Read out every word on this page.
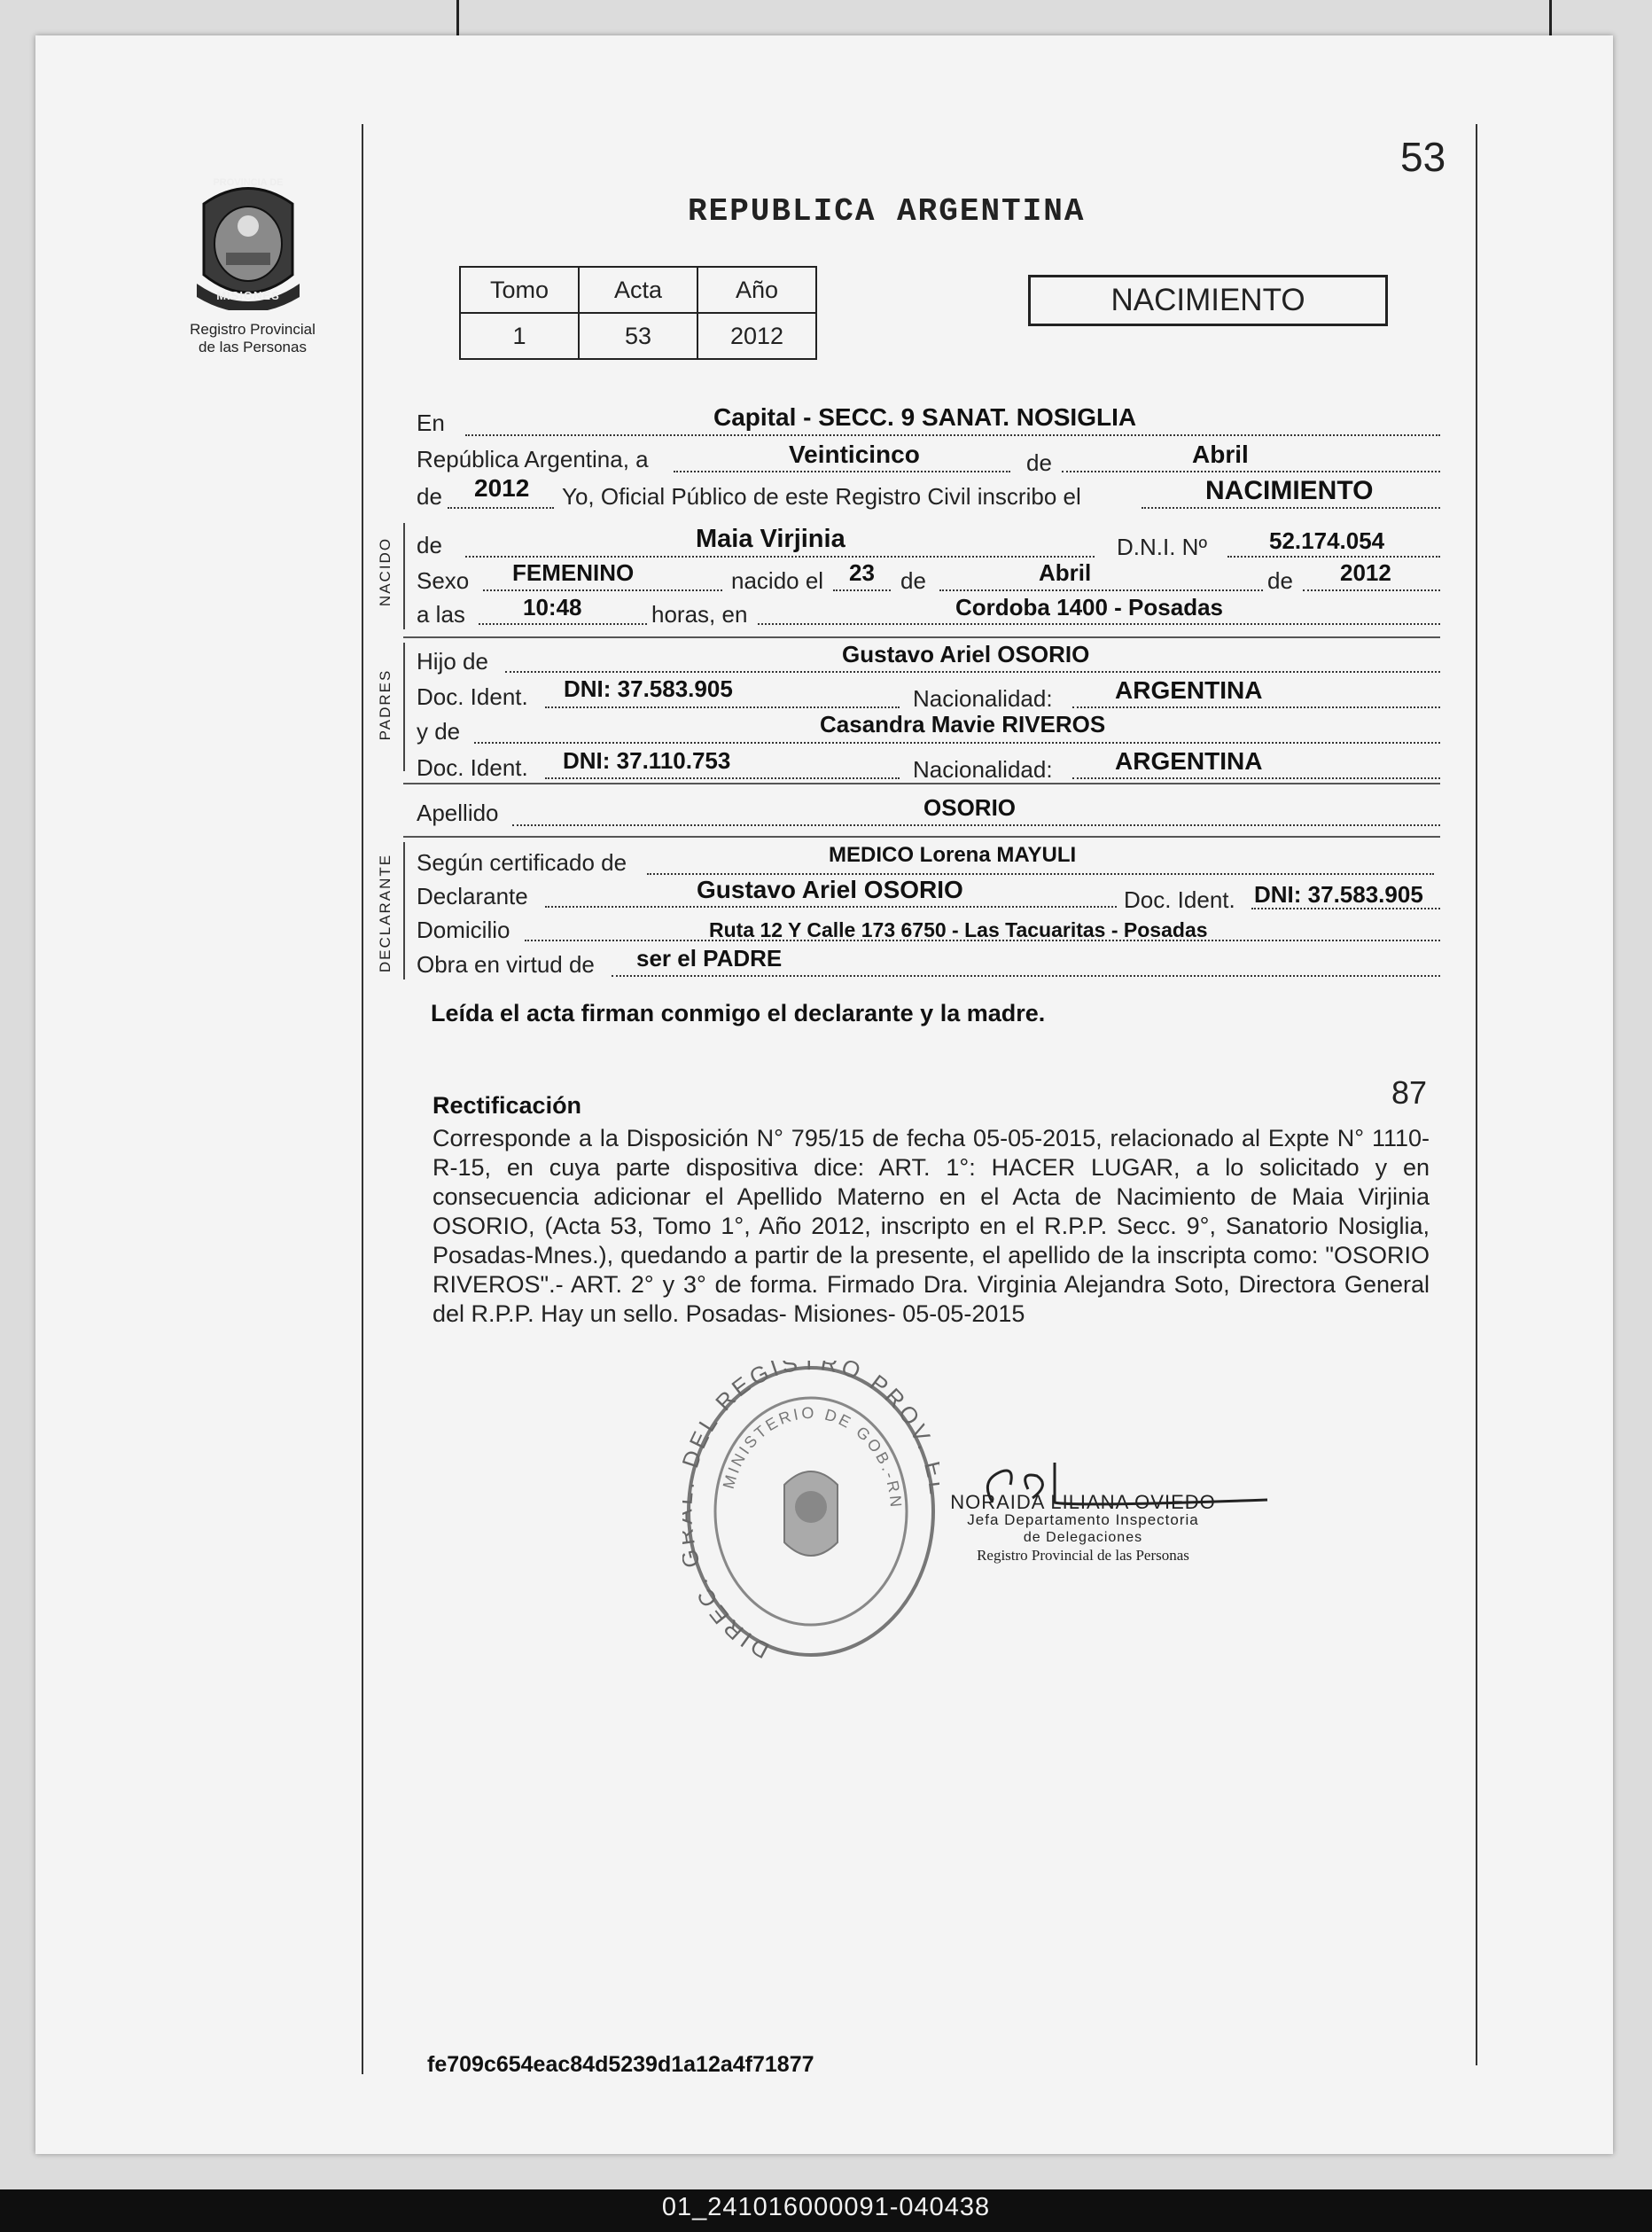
53
PROVINCIA DE
MISIONES
Registro Provincial
de las Personas
REPUBLICA ARGENTINA
Tomo	Acta	Año
1	53	2012
NACIMIENTO
En	Capital - SECC. 9 SANAT. NOSIGLIA
República Argentina, a	Veinticinco	de	Abril
de 2012 Yo, Oficial Público de este Registro Civil inscribo el	NACIMIENTO
NACIDO de	Maia Virjinia	D.N.I. Nº	52.174.054
Sexo FEMENINO	nacido el 23 de	Abril	de 2012
a las	10:48	horas, en	Cordoba 1400 - Posadas
PADRES
Hijo de	Gustavo Ariel OSORIO
Doc. Ident. DNI: 37.583.905	Nacionalidad:	ARGENTINA
y de	Casandra Mavie RIVEROS
Doc. Ident. DNI: 37.110.753	Nacionalidad:	ARGENTINA
Apellido	OSORIO
DECLARANTE Según certificado de	MEDICO Lorena MAYULI
Declarante	Gustavo Ariel OSORIO	Doc. Ident. DNI: 37.583.905
Domicilio	Ruta 12 Y Calle 173 6750 - Las Tacuaritas - Posadas
Obra en virtud de ser el PADRE
Leída el acta firman conmigo el declarante y la madre.
Rectificación	87
Corresponde a la Disposición N° 795/15 de fecha 05-05-2015, relacionado al Expte N° 1110-R-15, en cuya parte dispositiva dice: ART. 1°: HACER LUGAR, a lo solicitado y en consecuencia adicionar el Apellido Materno en el Acta de Nacimiento de Maia Virjinia OSORIO, (Acta 53, Tomo 1°, Año 2012, inscripto en el R.P.P. Secc. 9°, Sanatorio Nosiglia, Posadas-Mnes.), quedando a partir de la presente, el apellido de la inscripta como: "OSORIO RIVEROS".- ART. 2° y 3° de forma. Firmado Dra. Virginia Alejandra Soto, Directora General del R.P.P. Hay un sello. Posadas- Misiones- 05-05-2015
DIREC. EL REGISTRO PROV.
MINISTERIO DE GOB.-RN	NORAIDA LILIANA OVIEDO
Jefa Departamento Inspectoria
de Delegaciones
Registro Provincial de las Personas
fe709c654eac84d5239d1a12a4f71877
01_241016000091-040438
